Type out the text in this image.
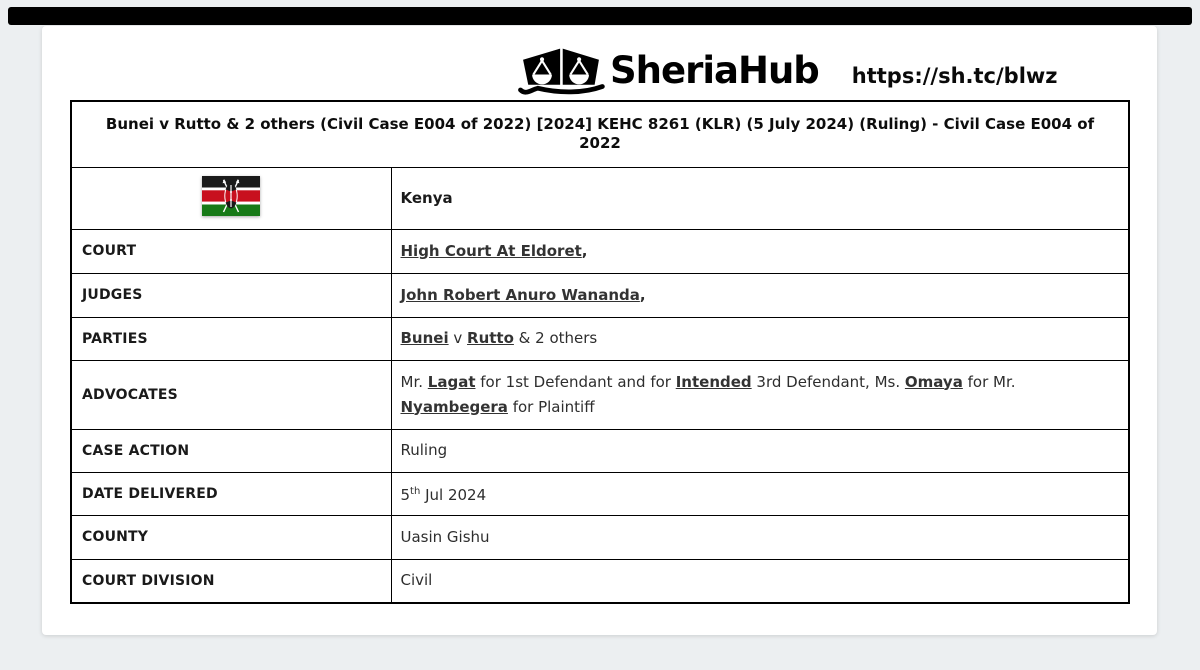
SheriaHub https://sh.tc/blwz
Bunei v Rutto & 2 others (Civil Case E004 of 2022) [2024] KEHC 8261 (KLR) (5 July 2024) (Ruling) - Civil Case E004 of 2022	
	Kenya
COURT	High Court At Eldoret,
JUDGES	John Robert Anuro Wananda,
PARTIES	Bunei v Rutto & 2 others
ADVOCATES	Mr. Lagat for 1st Defendant and for Intended 3rd Defendant, Ms. Omaya for Mr. Nyambegera for Plaintiff
CASE ACTION	Ruling
DATE DELIVERED	5th Jul 2024
COUNTY	Uasin Gishu
COURT DIVISION	Civil
